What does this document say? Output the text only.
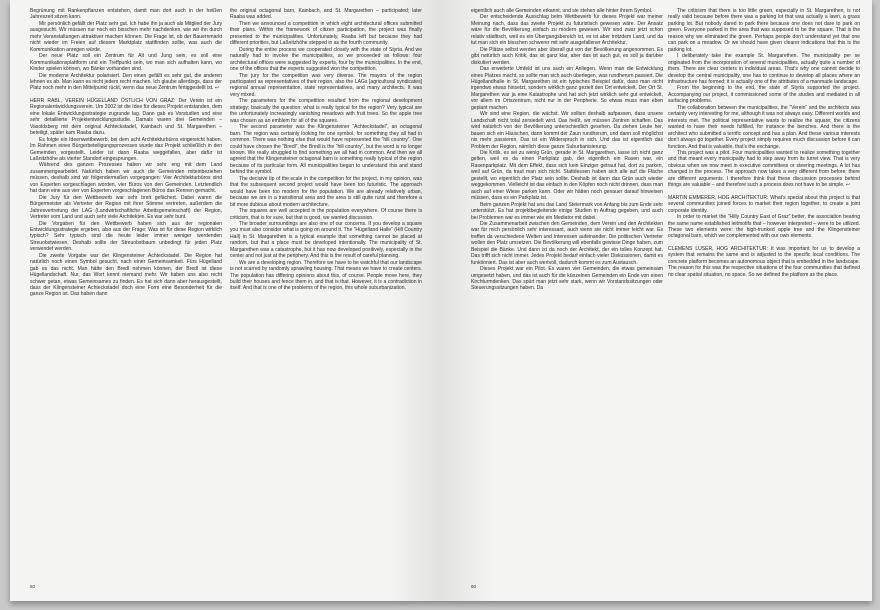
Begrünung mit Rankenpflanzen entstehen, damit man dort auch in der heißen Jahreszeit sitzen kann.

Mir persönlich gefällt der Platz sehr gut. Ich habe ihn ja auch als Mitglied der Jury ausgesucht. Wir müssen nur noch ein bisschen mehr nachdenken, wie wir ihn durch mehr Veranstaltungen attraktiver machen können. Die Frage ist, ob der Bauernmarkt nicht wieder im Freien auf diesem Marktplatz stattfinden sollte, was auch die Kommunikation anregen würde.

Der neue Platz soll ein Zentrum für Alt und Jung sein, es soll eine Kommunikationsplattform und ein Treffpunkt sein, wo man sich aufhalten kann, wo Kinder spielen können, wo Bänke vorhanden sind.

Die moderne Architektur polarisiert. Den einen gefällt es sehr gut, die anderen lehnen es ab. Man kann es nicht jedem recht machen. Ich glaube allerdings, dass der Platz noch mehr in den Mittelpunkt rückt, wenn das neue Zentrum fertiggestellt ist. ↩

HERR RABL, VEREIN HÜGELLAND ÖSTLICH VON GRAZ: Der Verein ist ein Regionalentwicklungsverein. Um 2002 ist die Idee für dieses Projekt entstanden, dem eine lokale Entwicklungsstrategie zugrunde lag. Dann gab es Vorstudien und eine sehr detaillierte Projektentwicklungsstudie. Damals waren drei Gemeinden – Vasoldsberg mit dem original Achteckstadel, Kainbach und St. Margarethen – beteiligt, später kam Raaba dazu.

Es folgte ein Ideenwettbewerb, bei dem acht Architekturbüros eingereicht haben. Im Rahmen eines Bürgerbeteiligungsprozesses wurde das Projekt schließlich in den Gemeinden vorgestellt. Leider ist dann Raaba weggefallen, aber dafür ist Laßnitzhöhe als vierter Standort eingesprungen.

Während des ganzen Prozesses haben wir sehr eng mit dem Land zusammengearbeitet. Natürlich haben wir auch die Gemeinden miteinbeziehen müssen, deshalb sind wir folgendermaßen vorgegangen: Vier Architekturbüros sind von Experten vorgeschlagen worden, vier Büros von den Gemeinden. Letztendlich hat dann eine aus vier von Experten vorgeschlagenen Büros das Rennen gemacht.

Die Jury für den Wettbewerb war sehr breit gefächert. Dabei waren die Bürgermeister als Vertreter der Region mit ihrer Stimme vertreten, außerdem die Jahresvertretung der LAG (Landwirtschaftliche Arbeitsgemeinschaft) der Region, Vertreter vom Land und auch sehr viele Architekten. Es war sehr bunt.

Die Vorgaben für den Wettbewerb haben sich aus der regionalen Entwicklungsstrategie ergeben, also aus der Frage: Was ist für diese Region wirklich typisch? Sehr typisch sind die heute leider immer weniger werdenden Streuobstwiesen. Deshalb sollte der Streuobstbaum unbedingt für jeden Platz verwendet werden.

Die zweite Vorgabe war der Klingensteiner Achteckstadel. Die Region hat natürlich noch einen Symbol gesucht, nach einer Gemeinsamkeit. Fürs Hügelland gab es das nicht. Man hätte den Bredl nehmen können, der Bredl ist diese Hügellandschaft. Nur, das Wort kennt niemand mehr. Wir haben uns also recht schwer getan, etwas Gemeinsames zu finden. Es hat sich dann aber herausgestellt, dass der Klingensteiner Achteckstadel doch eine Form eine Besonderheit für die ganze Region ist. Das haben dann

the original octagonal barn, Kainbach, and St. Margarethen – participated; later Raaba was added.

Then we announced a competition in which eight architectural offices submitted their plans. Within the framework of citizen participation, the project was finally presented to the municipalities. Unfortunately, Raaba left but because they had different priorities, but Laßnitzhöhe stepped in as the fourth community.

During the entire process we cooperated closely with the state of Styria. And we naturally had to involve the municipalities, so we proceeded as follows: four architectural offices were suggested by experts, four by the municipalities. In the end, one of the offices that the experts suggested won the competition.

The jury for the competition was very diverse. The mayors of the region participated as representatives of their region, also the LAGs [agricultural syndicates] regional annual representation, state representatives, and many architects. It was very mixed.

The parameters for the competition resulted from the regional development strategy; basically the question: what is really typical for the region? Very typical are the unfortunately increasingly vanishing meadows with fruit trees. So the apple tree was chosen as an emblem for all of the squares.

The second parameter was the Klingensteiner “Achteckstadel”, an octagonal barn. The region was certainly looking for one symbol, for something they all had in common. There was nothing else that would have represented the “hill country”. One could have chosen the “Bredl”, the Bredl is the “hill country”, but the word is no longer known. We really struggled to find something we all had in common. And then we all agreed that the Klingensteiner octagonal barn is something really typical of the region because of its particular form. All municipalities began to understand this and stand behind the symbol.

The decisive tip of the scale in the competition for the project, in my opinion, was that the subsequent second project would have been too futuristic. The approach would have been too modern for the population. We are already relatively urban, because we are in a transitional area and the area is still quite rural and therefore a bit more dubious about modern architecture.

The squares are well accepted in the population everywhere. Of course there is criticism, that is for sure, but that is good, we wanted discussion.

The broader surroundings are also one of our concerns. If you develop a square you must also consider what is going on around it. The “Hügelland Halle” (Hill Country Hall) in St. Margarethen is a typical example that something cannot be placed at random, but that a place must be developed intentionally. The municipality of St. Margarethen was a catastrophe, but it has now developed positively, especially in the center and not just at the periphery. And this is the result of careful planning.

We are a developing region. Therefore we have to be watchful that our landscape is not scarred by randomly sprawling housing. That means we have to create centers. The population has differing opinions about this, of course. People move here, they build their houses and fence them in, and that is that. However, it is a contradiction in itself. And that is one of the problems of the region, this whole suburbanization.

60

eigentlich auch alle Gemeinden erkannt, und sie stehen alle hinter ihrem Symbol.

Der entscheidende Ausschlag beim Wettbewerb für dieses Projekt war meiner Meinung nach, dass das zweite Projekt zu futuristisch gewesen wäre. Der Ansatz wäre für die Bevölkerung einfach zu modern gewesen. Wir sind zwar jetzt schon relativ städtisch, weil es ein Übergangsbereich ist, es ist aber trotzdem Land, und da tut man sich ein bisschen schwerer mit sehr ausgefallener Architektur.

Die Plätze selbst werden aber überall gut von der Bevölkerung angenommen. Es gibt natürlich auch Kritik, das ist ganz klar, aber das ist auch gut, es soll ja darüber diskutiert werden.

Das erweiterte Umfeld ist uns auch ein Anliegen. Wenn man die Entwicklung eines Platzes macht, so sollte man sich auch überlegen, was rundherum passiert. Die Hügellandhalle in St. Margarethen ist ein typisches Beispiel dafür, dass man nicht irgendwo etwas hinsetzt, sondern wirklich ganz gezielt den Ort entwickelt. Der Ort St. Margarethen war ja eine Katastrophe und hat sich jetzt wirklich sehr gut entwickelt, vor allem im Ortszentrum, nicht nur in der Peripherie. So etwas muss man eben geplant machen.

Wir sind eine Region, die wächst. Wir sollten deshalb aufpassen, dass unsere Landschaft nicht total zersiedelt wird. Das heißt, wir müssen Zentren schaffen. Das wird natürlich von der Bevölkerung unterschiedlich gesehen. Da ziehen Leute her, bauen sich ein Häuschen, dann kommt der Zaun rundherum, und dann soll möglichst nix mehr passieren. Das ist ein Widerspruch in sich. Und das ist eigentlich das Problem der Region, nämlich diese ganze Suburbanisierung.

Die Kritik, es sei zu wenig Grün, gerade in St. Margarethen, lasse ich nicht ganz gelten, weil es da einen Parkplatz gab, der eigentlich ein Rasen war, ein Rasenparkplatz. Mit dem Effekt, dass sich kein Einziger getraut hat, dort zu parken, weil auf Grün, da traut man sich nicht. Stattdessen haben sich alle auf die Fläche gestellt, wo eigentlich der Platz sein sollte. Deshalb ist dann das Grün auch wieder weggekommen. Vielleicht ist das einfach in den Köpfen noch nicht drinnen, dass man auch auf einer Wiese parken kann. Oder wir hätten noch genauer darauf hinweisen müssen, dass es ein Parkplatz ist.

Beim ganzen Projekt hat uns das Land Steiermark von Anfang bis zum Ende sehr unterstützt. Es hat projektbegleitende einige Studien in Auftrag gegeben, und auch bei Problemen war es immer wie ein Mediator mit dabei.

Die Zusammenarbeit zwischen den Gemeinden, dem Verein und den Architekten war für mich persönlich sehr interessant, auch wenn sie nicht immer leicht war. Es treffen da verschiedene Welten und Interessen aufeinander. Die politischen Vertreter wollen den Platz umsetzen. Die Bevölkerung will ebenfalls gewisse Dinge haben, zum Beispiel die Bänke. Und dann ist da noch der Architekt, der ein tolles Konzept hat. Das trifft sich nicht immer. Jedes Projekt bedarf einfach vieler Diskussionen, damit es funktioniert. Das ist aber auch wertvoll, dadurch kommt es zum Austausch.

Dieses Projekt war ein Pilot. Es waren vier Gemeinden, die etwas gemeinsam umgesetzt haben, und das ist auch für die künzelnen Gemeinden ein Ende von einen Kirchturmdenken. Das spürt man jetzt sehr stark, wenn wir Vorstandssitzungen oder Steuerungssitzungen haben. Da

The criticism that there is too little green, especially in St. Margarethen, is not really valid because before there was a parking lot that was actually a lawn, a grass parking lot. But nobody dared to park there because one does not dare to park on green. Everyone parked in the area that was supposed to be the square. That is the reason why we eliminated the green. Perhaps people don’t understand yet that one can park on a meadow. Or we should have given clearer indications that this is the parking lot.

I deliberately take the example St. Margarethen. The municipality per se originated from the incorporation of several municipalities, actually quite a number of them. There are clear centers in individual areas. That’s why one cannot decide to develop the central municipality, one has to continue to develop all places where an infrastructure has formed; it is actually one of the attributes of a manmade landscape.

From the beginning to the end, the state of Styria supported the project. Accompanying our project, it commissioned some of the studies and mediated in all surfacing problems.

The collaboration between the municipalities, the “Verein” and the architects was certainly very interesting for me, although it was not always easy. Different worlds and interests met. The political representative wants to realize the square; the citizens wanted to have their needs fulfilled, for instance the benches. And there is the architect who submitted a terrific concept and has a plan. And these various interests don’t always go together. Every project simply requires much discussion before it can function. And that is valuable, that’s the exchange.

This project was a pilot. Four municipalities wanted to realize something together and that meant every municipality had to step away from its turret view. That is very obvious when we now meet in executive committees or steering meetings. A lot has changed in the process. The approach now takes a very different from before; there are different arguments. I therefore think that these discussion processes behind things are valuable – and therefore such a process does not have to be simple. ↩

MARTIN EMMERER, HOG ARCHITEKTUR: What’s special about this project is that several communities joined forces to market their region together, to create a joint corporate identity.

In order to market the “Hilly Country East of Graz” better, the association bearing the same name established leitmotifs that – however interpreted – were to be utilized. These two elements were: the high-trunked apple tree and the Klingensteiner octagonal barn, which we complemented with our own elements.

CLEMENS LUSER, HOG ARCHITEKTUR: It was important for us to develop a system that remains the same and is adjusted to the specific local conditions. The concrete platform becomes an autonomous object that is embedded in the landscape. The reason for this was the respective situations of the four communities that defined no clear spatial situation, no space. So we defined the platform as the place.

60
